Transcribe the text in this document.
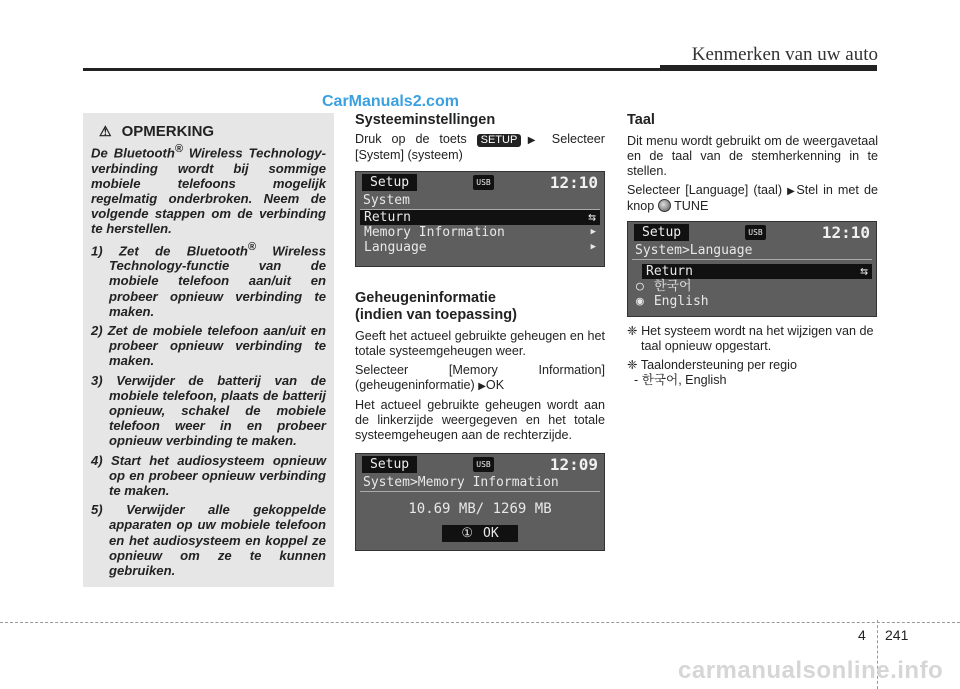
Kenmerken van uw auto
CarManuals2.com
⚠ OPMERKING
De Bluetooth® Wireless Technology-verbinding wordt bij sommige mobiele telefoons mogelijk regelmatig onderbroken. Neem de volgende stappen om de verbinding te herstellen.
1) Zet de Bluetooth® Wireless Technology-functie van de mobiele telefoon aan/uit en probeer opnieuw verbinding te maken.
2) Zet de mobiele telefoon aan/uit en probeer opnieuw verbinding te maken.
3) Verwijder de batterij van de mobiele telefoon, plaats de batterij opnieuw, schakel de mobiele telefoon weer in en probeer opnieuw verbinding te maken.
4) Start het audiosysteem opnieuw op en probeer opnieuw verbinding te maken.
5) Verwijder alle gekoppelde apparaten op uw mobiele telefoon en het audiosysteem en koppel ze opnieuw om ze te kunnen gebruiken.
Systeeminstellingen
Druk op de toets SETUP ▶ Selecteer [System] (systeem)
Setup	USB	12:10
System
Return	⇆
Memory Information	▶
Language	▶
Geheugeninformatie
(indien van toepassing)
Geeft het actueel gebruikte geheugen en het totale systeemgeheugen weer.
Selecteer [Memory Information] (geheugeninformatie) ▶OK
Het actueel gebruikte geheugen wordt aan de linkerzijde weergegeven en het totale systeemgeheugen aan de rechterzijde.
Setup	USB	12:09
System>Memory Information
10.69 MB/ 1269 MB
① OK
Taal
Dit menu wordt gebruikt om de weergavetaal en de taal van de stemherkenning in te stellen.
Selecteer [Language] (taal) ▶Stel in met de knop  TUNE
Setup	USB	12:10
System>Language
Return	⇆
○ 한국어
◉ English
❈ Het systeem wordt na het wijzigen van de taal opnieuw opgestart.
❈ Taalondersteuning per regio
- 한국어, English
4 241
carmanualsonline.info
